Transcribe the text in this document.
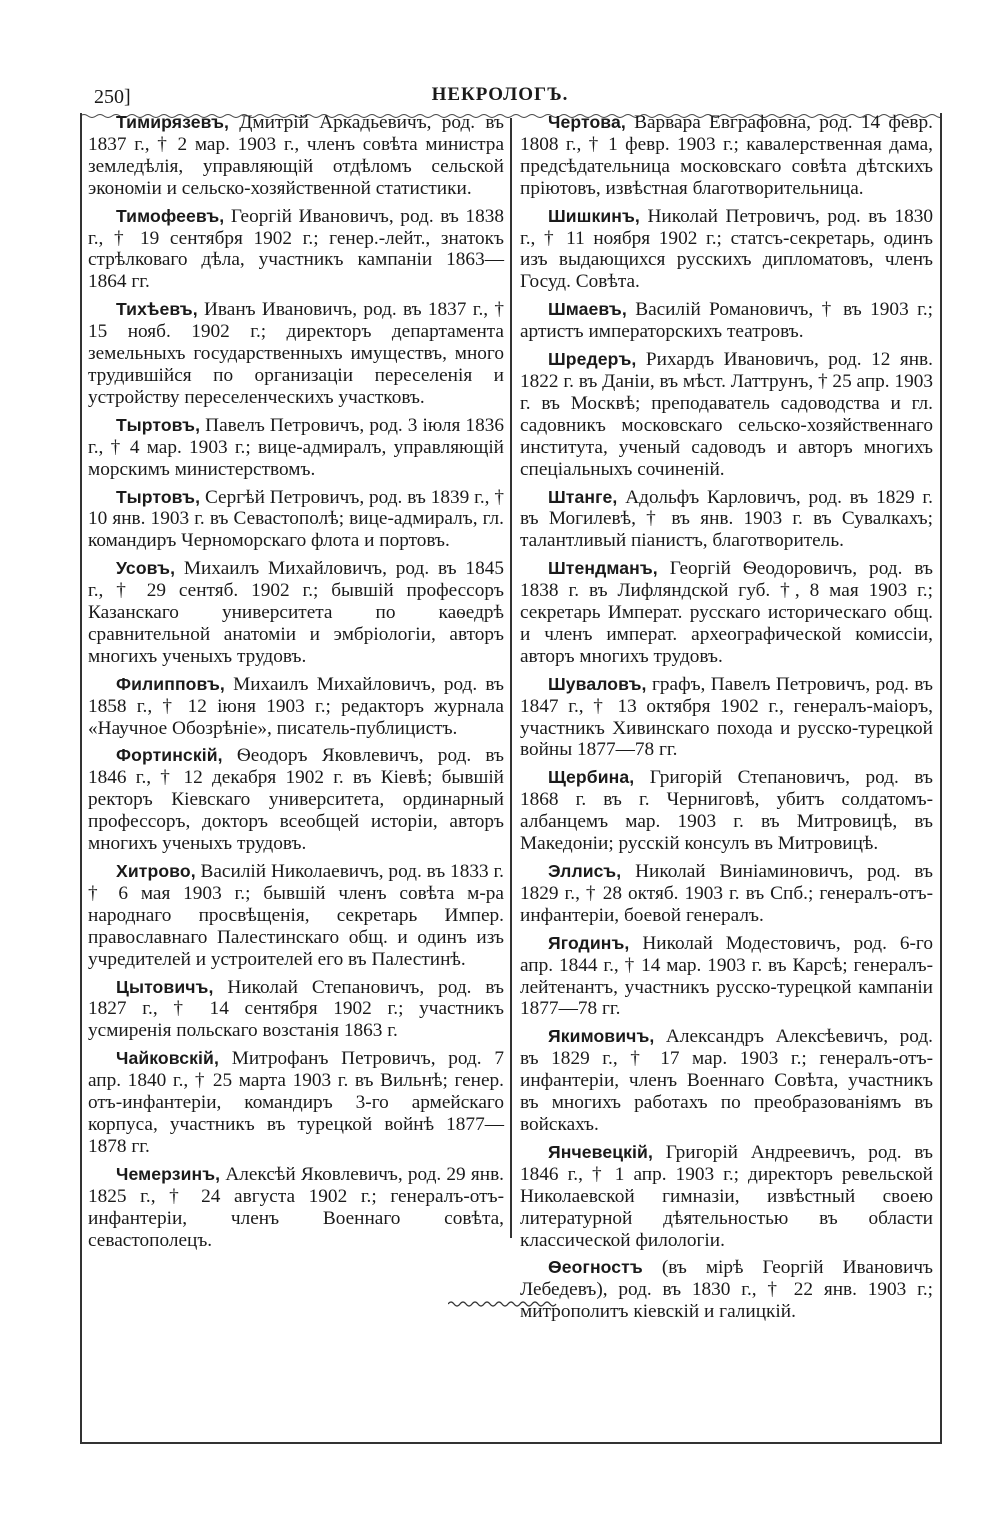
250]	НЕКРОЛОГЪ.

Тимирязевъ, Дмитрій Аркадьевичъ, род. въ 1837 г., † 2 мар. 1903 г., членъ совѣта министра земледѣлія, управляющій отдѣломъ сельской экономіи и сельско-хозяйственной статистики.

Тимофеевъ, Георгій Ивановичъ, род. въ 1838 г., † 19 сентября 1902 г.; генер.-лейт., знатокъ стрѣлковаго дѣла, участникъ кампаніи 1863—1864 гг.

Тихѣевъ, Иванъ Ивановичъ, род. въ 1837 г., † 15 нояб. 1902 г.; директоръ департамента земельныхъ государственныхъ имуществъ, много трудившійся по организаціи переселенія и устройству переселенческихъ участковъ.

Тыртовъ, Павелъ Петровичъ, род. 3 іюля 1836 г., † 4 мар. 1903 г.; вице-адмиралъ, управляющій морскимъ министерствомъ.

Тыртовъ, Сергѣй Петровичъ, род. въ 1839 г., † 10 янв. 1903 г. въ Севастополѣ; вице-адмиралъ, гл. командиръ Черноморскаго флота и портовъ.

Усовъ, Михаилъ Михайловичъ, род. въ 1845 г., † 29 сентяб. 1902 г.; бывшій профессоръ Казанскаго университета по каѳедрѣ сравнительной анатоміи и эмбріологіи, авторъ многихъ ученыхъ трудовъ.

Филипповъ, Михаилъ Михайловичъ, род. въ 1858 г., † 12 іюня 1903 г.; редакторъ журнала «Научное Обозрѣніе», писатель-публицистъ.

Фортинскій, Ѳеодоръ Яковлевичъ, род. въ 1846 г., † 12 декабря 1902 г. въ Кіевѣ; бывшій ректоръ Кіевскаго университета, ординарный профессоръ, докторъ всеобщей исторіи, авторъ многихъ ученыхъ трудовъ.

Хитрово, Василій Николаевичъ, род. въ 1833 г. † 6 мая 1903 г.; бывшій членъ совѣта м-ра народнаго просвѣщенія, секретарь Импер. православнаго Палестинскаго общ. и одинъ изъ учредителей и устроителей его въ Палестинѣ.

Цытовичъ, Николай Степановичъ, род. въ 1827 г., † 14 сентября 1902 г.; участникъ усмиренія польскаго возстанія 1863 г.

Чайковскій, Митрофанъ Петровичъ, род. 7 апр. 1840 г., † 25 марта 1903 г. въ Вильнѣ; генер. отъ-инфантеріи, командиръ 3-го армейскаго корпуса, участникъ въ турецкой войнѣ 1877—1878 гг.

Чемерзинъ, Алексѣй Яковлевичъ, род. 29 янв. 1825 г., † 24 августа 1902 г.; генералъ-отъ-инфантеріи, членъ Военнаго совѣта, севастополецъ.

Чертова, Варвара Евграфовна, род. 14 февр. 1808 г., † 1 февр. 1903 г.; кавалерственная дама, предсѣдательница московскаго совѣта дѣтскихъ пріютовъ, извѣстная благотворительница.

Шишкинъ, Николай Петровичъ, род. въ 1830 г., † 11 ноября 1902 г.; статсъ-секретарь, одинъ изъ выдающихся русскихъ дипломатовъ, членъ Госуд. Совѣта.

Шмаевъ, Василій Романовичъ, † въ 1903 г.; артистъ императорскихъ театровъ.

Шредеръ, Рихардъ Ивановичъ, род. 12 янв. 1822 г. въ Даніи, въ мѣст. Латтрунъ, † 25 апр. 1903 г. въ Москвѣ; преподаватель садоводства и гл. садовникъ московскаго сельско-хозяйственнаго института, ученый садоводъ и авторъ многихъ спеціальныхъ сочиненій.

Штанге, Адольфъ Карловичъ, род. въ 1829 г. въ Могилевѣ, † въ янв. 1903 г. въ Сувалкахъ; талантливый піанистъ, благотворитель.

Штендманъ, Георгій Ѳеодоровичъ, род. въ 1838 г. въ Лифляндской губ. †, 8 мая 1903 г.; секретарь Императ. русскаго историческаго общ. и членъ императ. археографической комиссіи, авторъ многихъ трудовъ.

Шуваловъ, графъ, Павелъ Петровичъ, род. въ 1847 г., † 13 октября 1902 г., генералъ-маіоръ, участникъ Хивинскаго похода и русско-турецкой войны 1877—78 гг.

Щербина, Григорій Степановичъ, род. въ 1868 г. въ г. Черниговѣ, убитъ солдатомъ-албанцемъ мар. 1903 г. въ Митровицѣ, въ Македоніи; русскій консулъ въ Митровицѣ.

Эллисъ, Николай Виніаминовичъ, род. въ 1829 г., † 28 октяб. 1903 г. въ Спб.; генералъ-отъ-инфантеріи, боевой генералъ.

Ягодинъ, Николай Модестовичъ, род. 6-го апр. 1844 г., † 14 мар. 1903 г. въ Карсѣ; генералъ-лейтенантъ, участникъ русско-турецкой кампаніи 1877—78 гг.

Якимовичъ, Александръ Алексѣевичъ, род. въ 1829 г., † 17 мар. 1903 г.; генералъ-отъ-инфантеріи, членъ Военнаго Совѣта, участникъ въ многихъ работахъ по преобразованіямъ въ войскахъ.

Янчевецкій, Григорій Андреевичъ, род. въ 1846 г., † 1 апр. 1903 г.; директоръ ревельской Николаевской гимназіи, извѣстный своею литературной дѣятельностью въ области классической филологіи.

Ѳеогностъ (въ мірѣ Георгій Ивановичъ Лебедевъ), род. въ 1830 г., † 22 янв. 1903 г.; митрополитъ кіевскій и галицкій.
